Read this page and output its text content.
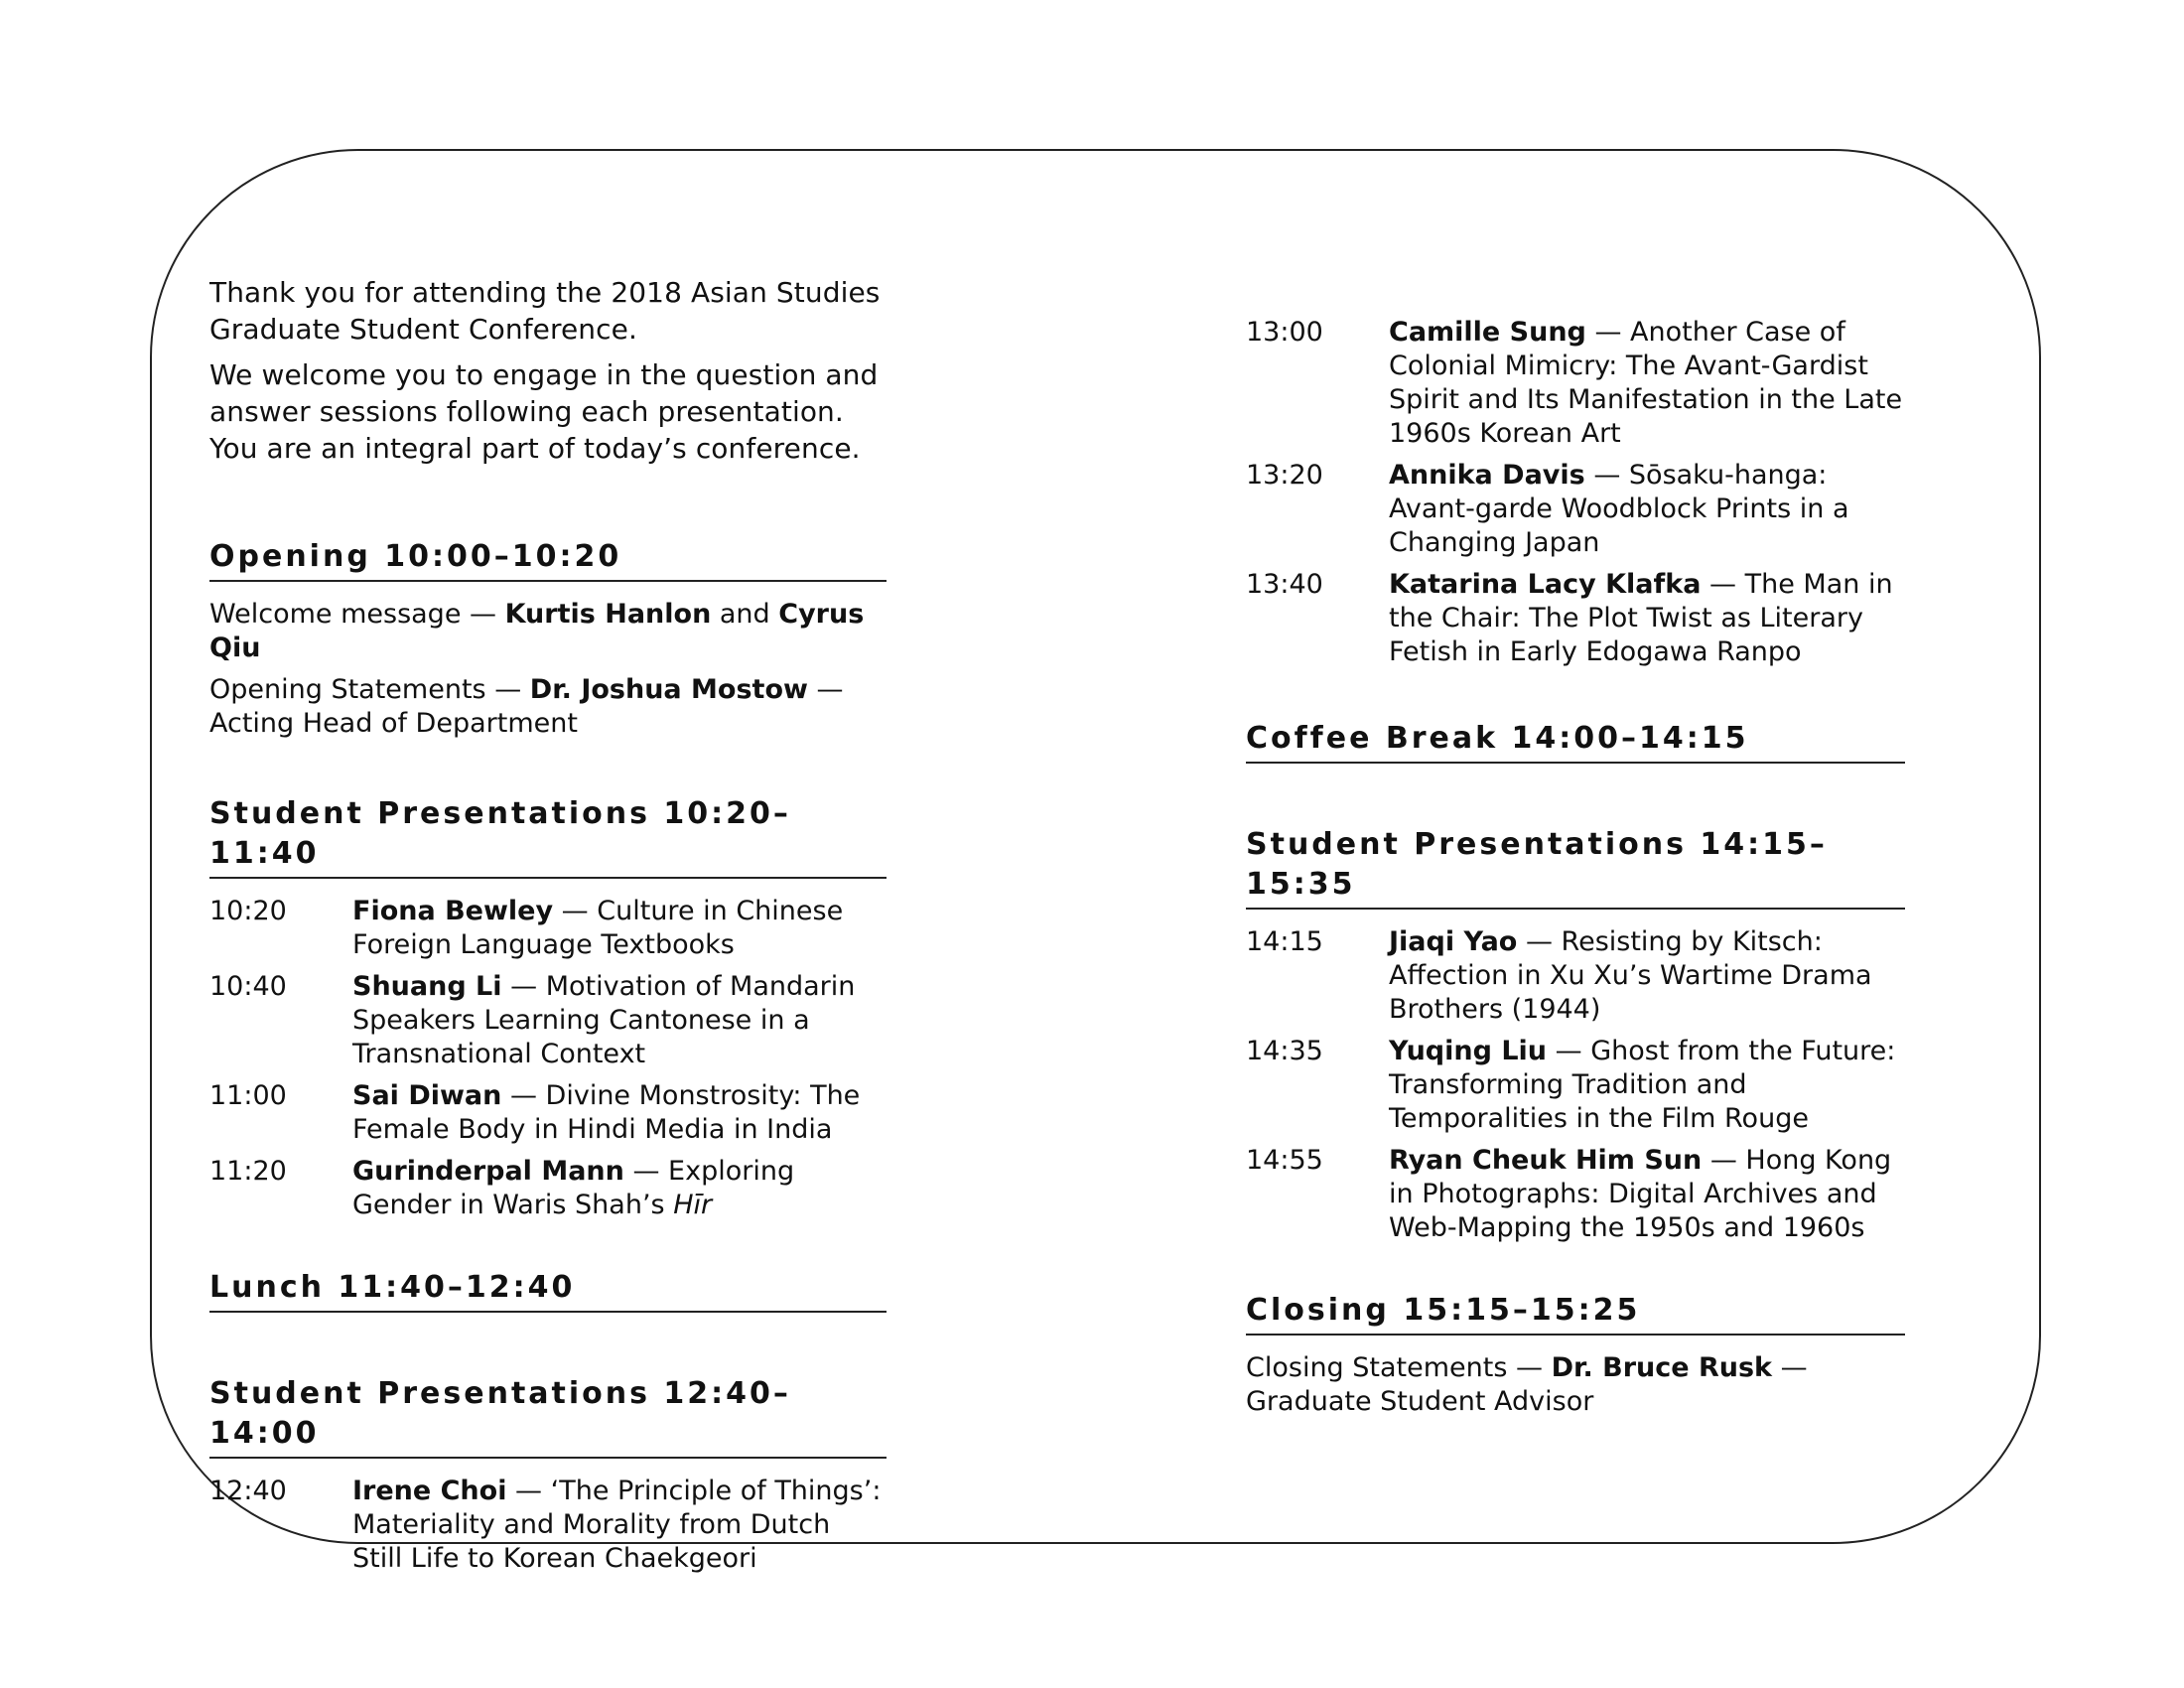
Thank you for attending the 2018 Asian Studies Graduate Student Conference.

We welcome you to engage in the question and answer sessions following each presentation. You are an integral part of today’s conference.

Opening 10:00–10:20

Welcome message — Kurtis Hanlon and Cyrus Qiu

Opening Statements — Dr. Joshua Mostow — Acting Head of Department

Student Presentations 10:20–11:40
10:20 Fiona Bewley — Culture in Chinese Foreign Language Textbooks
10:40 Shuang Li — Motivation of Mandarin Speakers Learning Cantonese in a Transnational Context
11:00 Sai Diwan — Divine Monstrosity: The Female Body in Hindi Media in India
11:20 Gurinderpal Mann — Exploring Gender in Waris Shah’s Hīr
Lunch 11:40–12:40
Student Presentations 12:40–14:00
12:40 Irene Choi — ‘The Principle of Things’: Materiality and Morality from Dutch Still Life to Korean Chaekgeori
13:00 Camille Sung — Another Case of Colonial Mimicry: The Avant-Gardist Spirit and Its Manifestation in the Late 1960s Korean Art
13:20 Annika Davis — Sōsaku-hanga: Avant-garde Woodblock Prints in a Changing Japan
13:40 Katarina Lacy Klafka — The Man in the Chair: The Plot Twist as Literary Fetish in Early Edogawa Ranpo
Coffee Break 14:00–14:15
Student Presentations 14:15–15:35
14:15 Jiaqi Yao — Resisting by Kitsch: Affection in Xu Xu’s Wartime Drama Brothers (1944)
14:35 Yuqing Liu — Ghost from the Future: Transforming Tradition and Temporalities in the Film Rouge
14:55 Ryan Cheuk Him Sun — Hong Kong in Photographs: Digital Archives and Web-Mapping the 1950s and 1960s
Closing 15:15–15:25

Closing Statements — Dr. Bruce Rusk — Graduate Student Advisor
